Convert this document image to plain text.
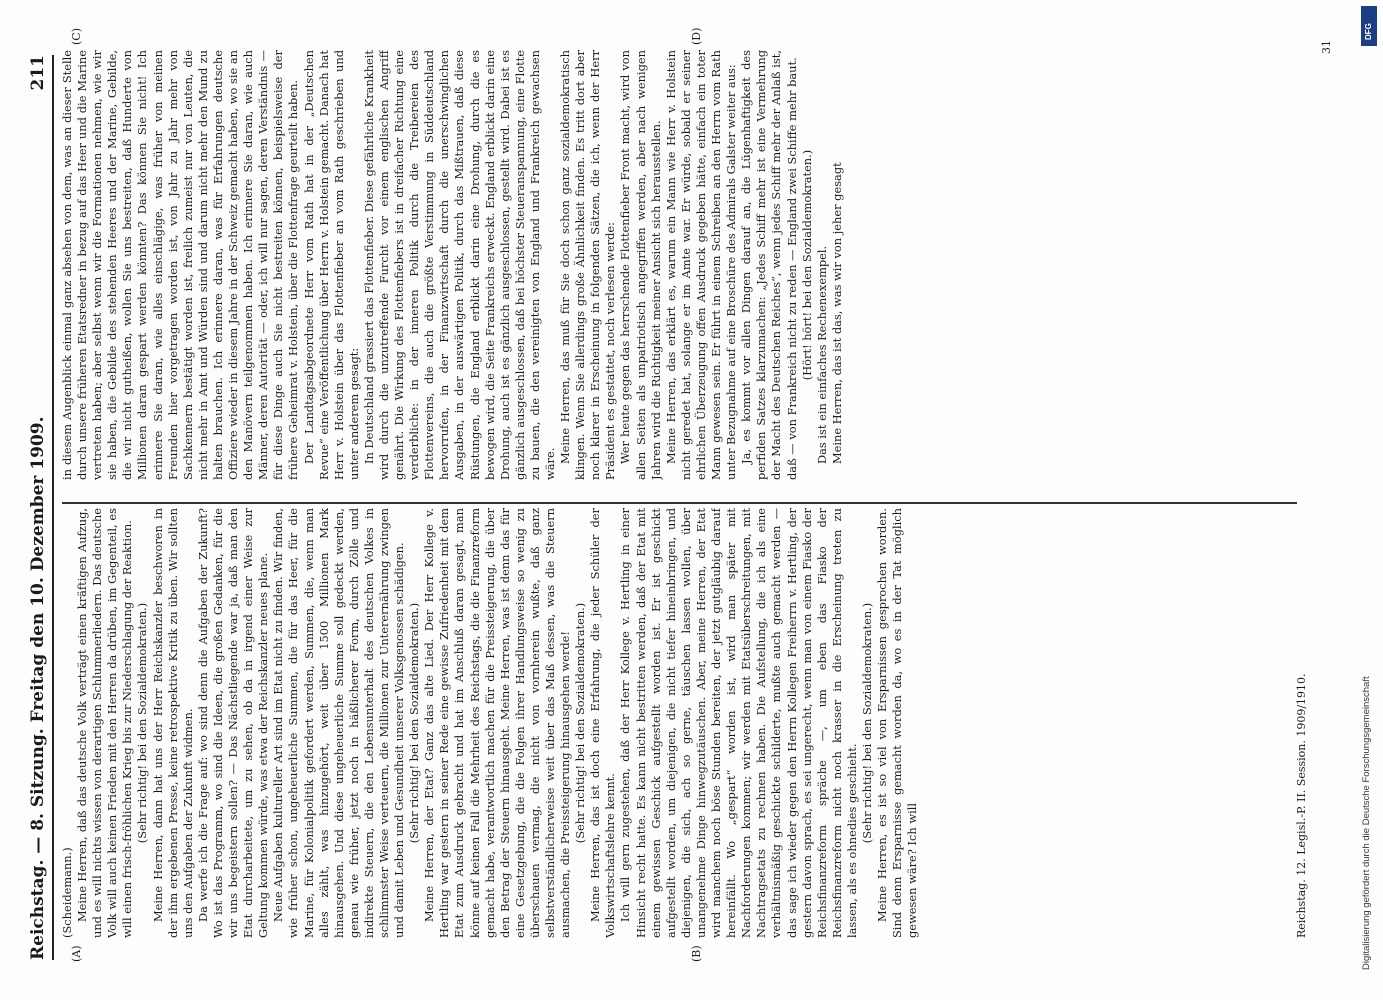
Reichstag. — 8. Sitzung. Freitag den 10. Dezember 1909.
211
(A)	(B)
(C)	(D)

(Scheidemann.) Meine Herren, daß das deutsche Volk verträgt einen kräftigen Aufzug, und es will nichts wissen von derartigen Schlummerliedern. Das deutsche Volk will auch keinen Frieden mit den Herren da drüben, im Gegenteil, es will einen frisch-fröhlichen Krieg bis zur Niederschlagung der Reaktion. (Sehr richtig! bei den Sozialdemokraten.) Meine Herren, dann hat uns der Herr Reichskanzler beschworen in der ihm ergebenen Presse, keine retrospektive Kritik zu üben. Wir sollten uns den Aufgaben der Zukunft widmen. Da werfe ich die Frage auf: wo sind denn die Aufgaben der Zukunft? Wo ist das Programm, wo sind die Ideen, die großen Gedanken, für die wir uns begeistern sollen? — Das Nächstliegende war ja, daß man den Etat durcharbeitete, um zu sehen, ob da in irgend einer Weise zur Geltung kommen würde, was etwa der Reichskanzler neues plane. Neue Aufgaben kultureller Art sind im Etat nicht zu finden. Wir finden, wie früher schon, ungeheuerliche Summen, die für das Heer, für die Marine, für Kolonialpolitik gefordert werden, Summen, die, wenn man alles zählt, was hinzugehört, weit über 1500 Millionen Mark hinausgehen. Und diese ungeheuerliche Summe soll gedeckt werden, genau wie früher, jetzt noch in häßlicherer Form, durch Zölle und indirekte Steuern, die den Lebensunterhalt des deutschen Volkes in schlimmster Weise verteuern, die Millionen zur Unterernährung zwingen und damit Leben und Gesundheit unserer Volksgenossen schädigen. (Sehr richtig! bei den Sozialdemokraten.) Meine Herren, der Etat? Ganz das alte Lied. Der Herr Kollege v. Hertling war gestern in seiner Rede eine gewisse Zufriedenheit mit dem Etat zum Ausdruck gebracht und hat im Anschluß daran gesagt, man könne auf keinen Fall die Mehrheit des Reichstags, die die Finanzreform gemacht habe, verantwortlich machen für die Preissteigerung, die über den Betrag der Steuern hinausgeht. Meine Herren, was ist denn das für eine Gesetzgebung, die die Folgen ihrer Handlungsweise so wenig zu überschauen vermag, die nicht von vornherein wußte, daß ganz selbstverständlicherweise weit über das Maß dessen, was die Steuern ausmachen, die Preissteigerung hinausgehen werde! (Sehr richtig! bei den Sozialdemokraten.) Meine Herren, das ist doch eine Erfahrung, die jeder Schüler der Volkswirtschaftslehre kennt. Ich will gern zugestehen, daß der Herr Kollege v. Hertling in einer Hinsicht recht hatte. Es kann nicht bestritten werden, daß der Etat mit einem gewissen Geschick aufgestellt worden ist. Er ist geschickt aufgestellt worden, um diejenigen, die nicht tiefer hineinbringen, und diejenigen, die sich, ach so gerne, täuschen lassen wollen, über unangenehme Dinge hinwegzutäuschen. Aber, meine Herren, der Etat wird manchem noch böse Stunden bereiten, der jetzt gutgläubig darauf hereinfällt. Wo „gespart“ worden ist, wird man später mit Nachforderungen kommen; wir werden mit Etatsüberschreitungen, mit Nachtragsetats zu rechnen haben. Die Aufstellung, die ich als eine verhältnismäßig geschickte schilderte, mußte auch gemacht werden — das sage ich wieder gegen den Herrn Kollegen Freiherrn v. Hertling, der gestern davon sprach, es sei ungerecht, wenn man von einem Fiasko der Reichsfinanzreform spräche —, um eben das Fiasko der Reichsfinanzreform nicht noch krasser in die Erscheinung treten zu lassen, als es ohnedies geschieht. (Sehr richtig! bei den Sozialdemokraten.) Meine Herren, es ist so viel von Ersparnissen gesprochen worden. Sind denn Ersparnisse gemacht worden da, wo es in der Tat möglich gewesen wäre? Ich will

in diesem Augenblick einmal ganz absehen von dem, was an dieser Stelle durch unsere früheren Etatsredner in bezug auf das Heer und die Marine vertreten haben; aber selbst wenn wir die Formationen nehmen, wie wir sie haben, die Gebilde des stehenden Heeres und der Marine, Gebilde, die wir nicht gutheißen, wollen Sie uns bestreiten, daß Hunderte von Millionen daran gespart werden könnten? Das können Sie nicht! Ich erinnere Sie daran, wie alles einschlägige, was früher von meinen Freunden hier vorgetragen worden ist, von Jahr zu Jahr mehr von Sachkennern bestätigt worden ist, freilich zumeist nur von Leuten, die nicht mehr in Amt und Würden sind und darum nicht mehr den Mund zu halten brauchen. Ich erinnere daran, was für Erfahrungen deutsche Offiziere wieder in diesem Jahre in der Schweiz gemacht haben, wo sie an den Manövern teilgenommen haben. Ich erinnere Sie daran, wie auch Männer, deren Autorität — oder, ich will nur sagen, deren Verständnis — für diese Dinge auch Sie nicht bestreiten können, beispielsweise der frühere Geheimrat v. Holstein, über die Flottenfrage geurteilt haben. Der Landtagsabgeordnete Herr vom Rath hat in der „Deutschen Revue“ eine Veröffentlichung über Herrn v. Holstein gemacht. Danach hat Herr v. Holstein über das Flottenfieber an vom Rath geschrieben und unter anderem gesagt: In Deutschland grassiert das Flottenfieber. Diese gefährliche Krankheit wird durch die unzutreffende Furcht vor einem englischen Angriff genährt. Die Wirkung des Flottenfiebers ist in dreifacher Richtung eine verderbliche: in der inneren Politik durch die Treibereien des Flottenvereins, die auch die größte Verstimmung in Süddeutschland hervorrufen, in der Finanzwirtschaft durch die unerschwinglichen Ausgaben, in der auswärtigen Politik, durch das Mißtrauen, daß diese Rüstungen, die England erblickt darin eine Drohung, durch die es bewogen wird, die Seite Frankreichs erweckt. England erblickt darin eine Drohung, auch ist es gänzlich ausgeschlossen, gestellt wird. Dabei ist es gänzlich ausgeschlossen, daß bei höchster Steueranspannung, eine Flotte zu bauen, die den vereinigten von England und Frankreich gewachsen wäre. Meine Herren, das muß für Sie doch schon ganz sozialdemokratisch klingen. Wenn Sie allerdings große Ähnlichkeit finden. Es tritt dort aber noch klarer in Erscheinung in folgenden Sätzen, die ich, wenn der Herr Präsident es gestattet, noch verlesen werde: Wer heute gegen das herrschende Flottenfieber Front macht, wird von allen Seiten als unpatriotisch angegriffen werden, aber nach wenigen Jahren wird die Richtigkeit meiner Ansicht sich herausstellen. Meine Herren, das erklärt es, warum ein Mann wie Herr v. Holstein nicht geredet hat, solange er im Amte war. Er würde, sobald er seiner ehrlichen Überzeugung offen Ausdruck gegeben hätte, einfach ein toter Mann gewesen sein. Er führt in einem Schreiben an den Herrn vom Rath unter Bezugnahme auf eine Broschüre des Admirals Galster weiter aus: Ja, es kommt vor allen Dingen darauf an, die Lügenhaftigkeit des perfiden Satzes klarzumachen: „Jedes Schiff mehr ist eine Vermehrung der Macht des Deutschen Reiches“, wenn jedes Schiff mehr der Anlaß ist, daß — von Frankreich nicht zu reden — England zwei Schiffe mehr baut. (Hört! hört! bei den Sozialdemokraten.) Das ist ein einfaches Rechenexempel. Meine Herren, das ist das, was wir von jeher gesagt

Reichstag. 12. Legisl.-P. II. Session. 1909/1910.
31
Digitalisierung gefördert durch die Deutsche Forschungsgemeinschaft
DFG
